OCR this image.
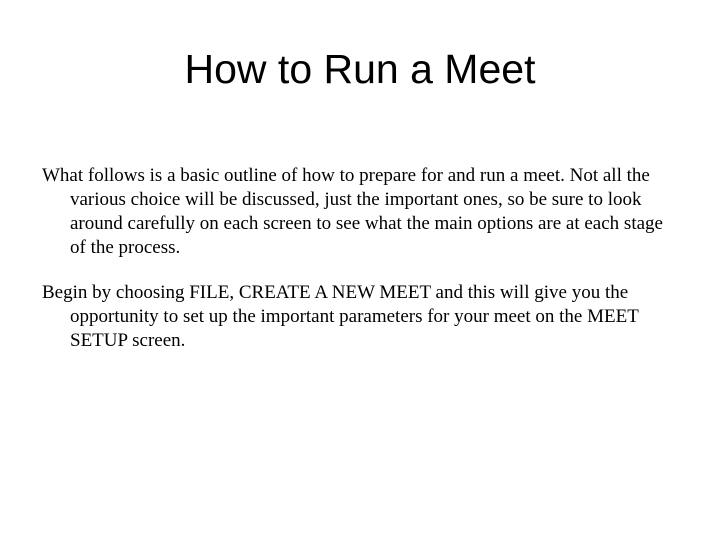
How to Run a Meet

What follows is a basic outline of how to prepare for and run a meet. Not all the various choice will be discussed, just the important ones, so be sure to look around carefully on each screen to see what the main options are at each stage of the process.

Begin by choosing FILE, CREATE A NEW MEET and this will give you the opportunity to set up the important parameters for your meet on the MEET SETUP screen.
